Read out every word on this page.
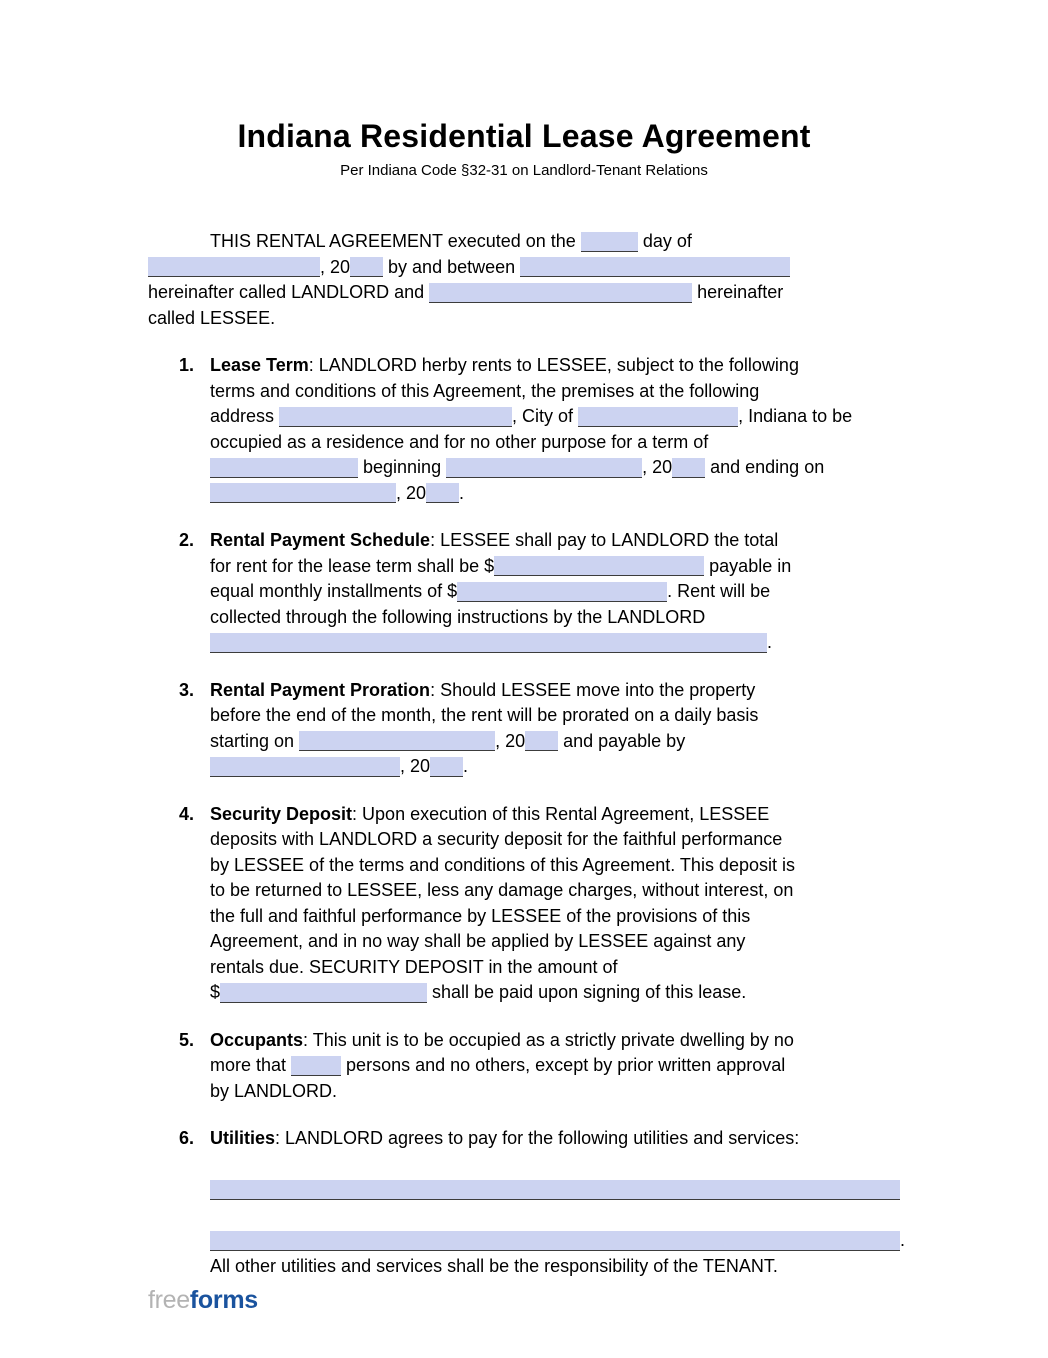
Indiana Residential Lease Agreement
Per Indiana Code §32-31 on Landlord-Tenant Relations
THIS RENTAL AGREEMENT executed on the	day of
, 20 by and between
hereinafter called LANDLORD and	hereinafter
called LESSEE.
1. Lease Term: LANDLORD herby rents to LESSEE, subject to the following
terms and conditions of this Agreement, the premises at the following
address	, City of	, Indiana to be
occupied as a residence and for no other purpose for a term of
beginning	, 20 and ending on
, 20 .
2. Rental Payment Schedule: LESSEE shall pay to LANDLORD the total
for rent for the lease term shall be $	payable in
equal monthly installments of $	. Rent will be
collected through the following instructions by the LANDLORD
.
3. Rental Payment Proration: Should LESSEE move into the property
before the end of the month, the rent will be prorated on a daily basis
starting on	, 20 and payable by
, 20 .
4. Security Deposit: Upon execution of this Rental Agreement, LESSEE
deposits with LANDLORD a security deposit for the faithful performance
by LESSEE of the terms and conditions of this Agreement. This deposit is
to be returned to LESSEE, less any damage charges, without interest, on
the full and faithful performance by LESSEE of the provisions of this
Agreement, and in no way shall be applied by LESSEE against any
rentals due. SECURITY DEPOSIT in the amount of
$	shall be paid upon signing of this lease.
5. Occupants: This unit is to be occupied as a strictly private dwelling by no
more that	persons and no others, except by prior written approval
by LANDLORD.
6. Utilities: LANDLORD agrees to pay for the following utilities and services:
.
All other utilities and services shall be the responsibility of the TENANT.
freeforms
